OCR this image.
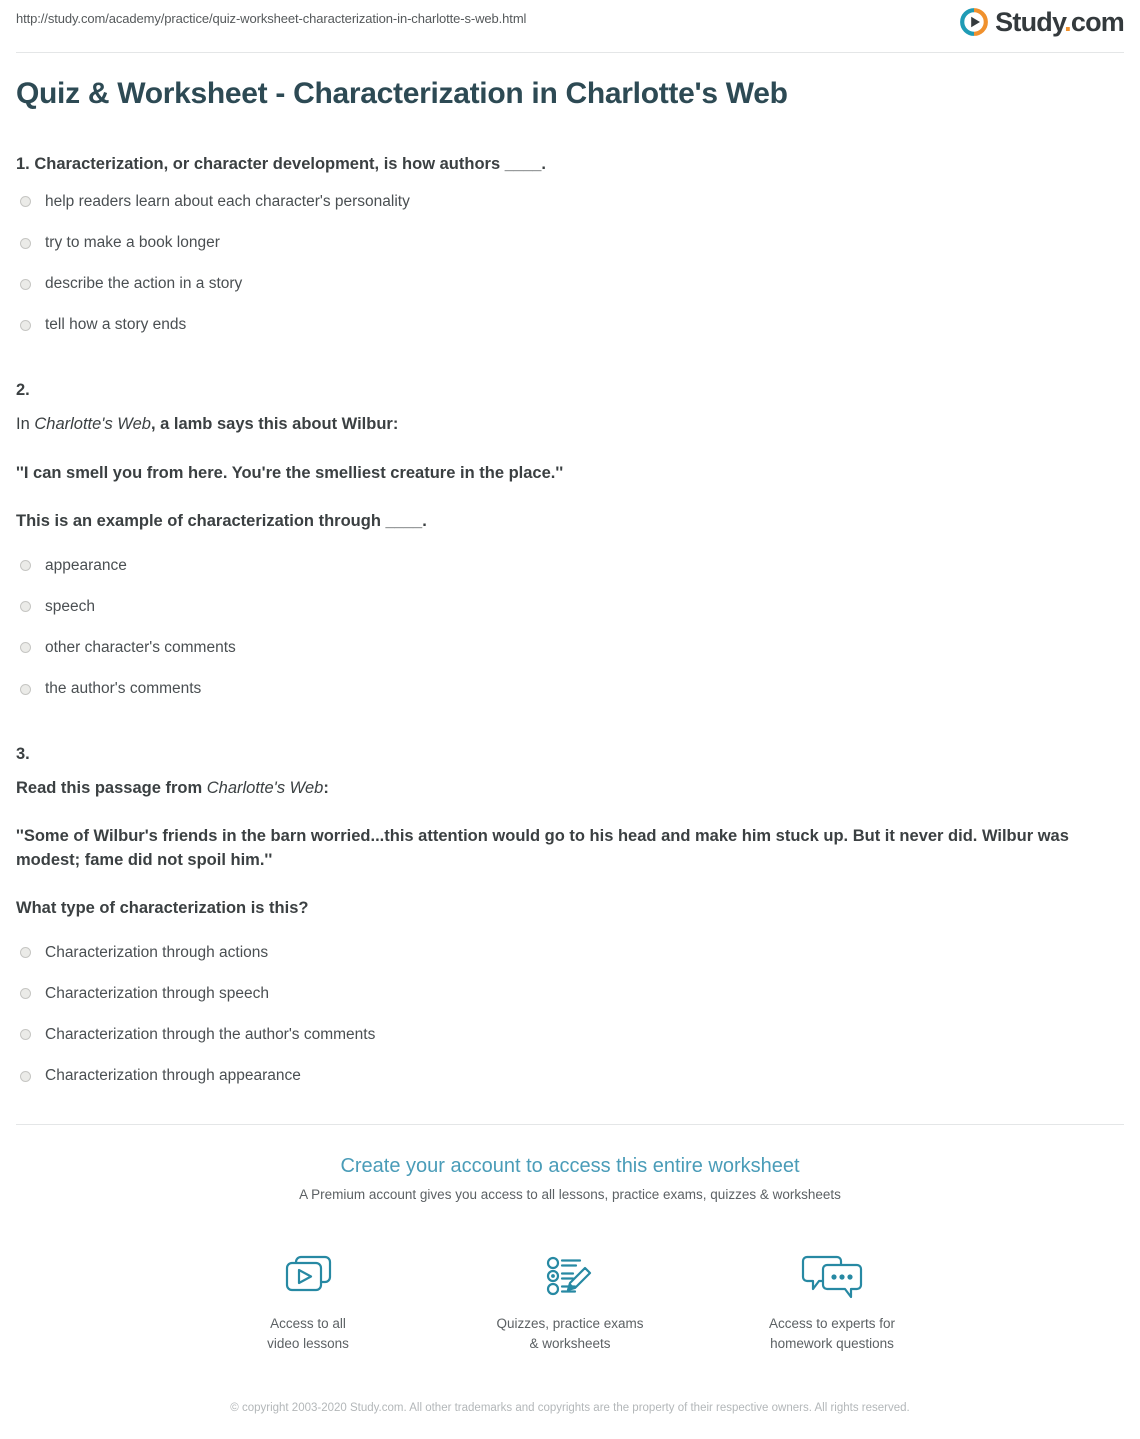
http://study.com/academy/practice/quiz-worksheet-characterization-in-charlotte-s-web.html	Study.com
Quiz & Worksheet - Characterization in Charlotte's Web

1. Characterization, or character development, is how authors ____.

help readers learn about each character's personality
try to make a book longer
describe the action in a story
tell how a story ends

2.

In Charlotte's Web, a lamb says this about Wilbur:

''I can smell you from here. You're the smelliest creature in the place.''

This is an example of characterization through ____.

appearance
speech
other character's comments
the author's comments

3.

Read this passage from Charlotte's Web:

''Some of Wilbur's friends in the barn worried...this attention would go to his head and make him stuck up. But it never did. Wilbur was modest; fame did not spoil him.''

What type of characterization is this?

Characterization through actions
Characterization through speech
Characterization through the author's comments
Characterization through appearance
Create your account to access this entire worksheet
A Premium account gives you access to all lessons, practice exams, quizzes & worksheets
Access to all
video lessons
Quizzes, practice exams
& worksheets
Access to experts for
homework questions
© copyright 2003-2020 Study.com. All other trademarks and copyrights are the property of their respective owners. All rights reserved.
